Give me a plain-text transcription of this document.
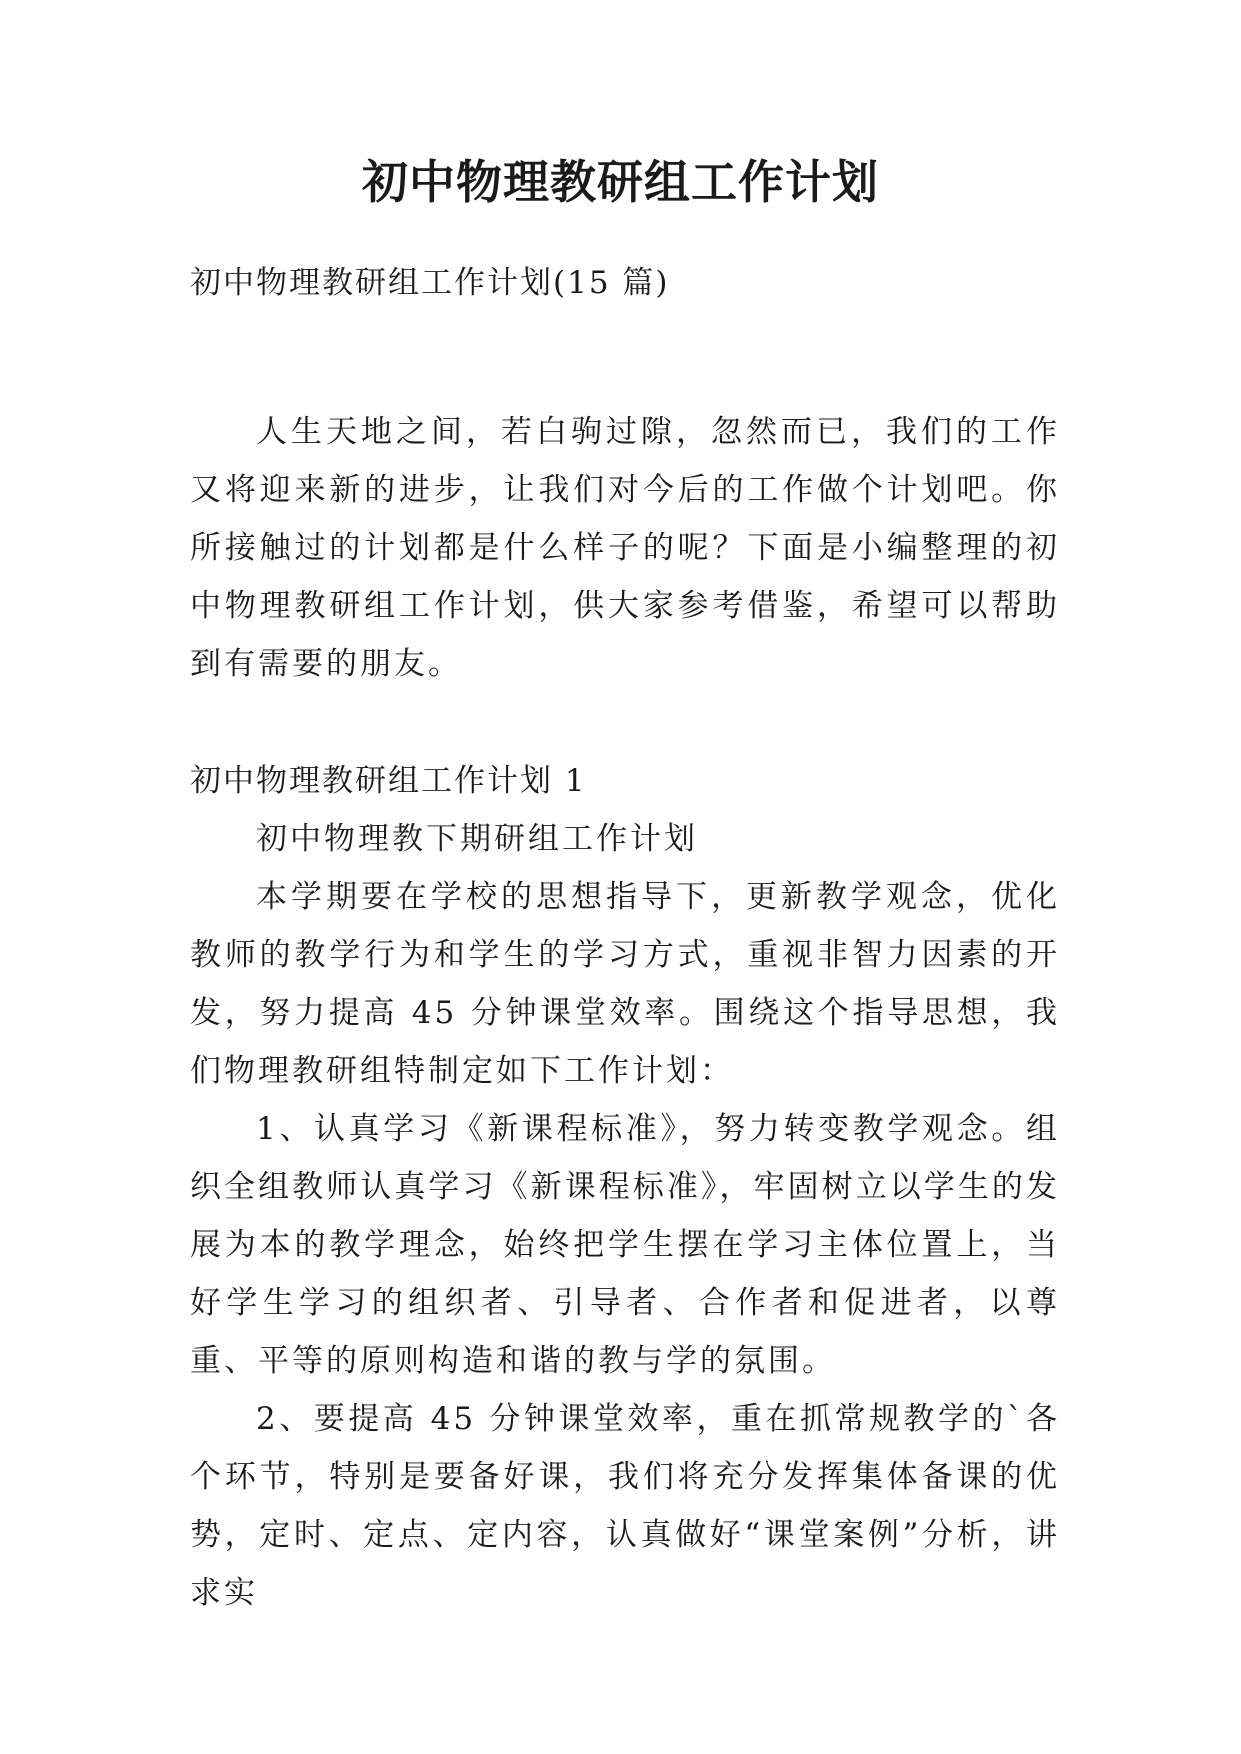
初中物理教研组工作计划

初中物理教研组工作计划(15 篇)

人生天地之间，若白驹过隙，忽然而已，我们的工作又将迎来新的进步，让我们对今后的工作做个计划吧。你所接触过的计划都是什么样子的呢？下面是小编整理的初中物理教研组工作计划，供大家参考借鉴，希望可以帮助到有需要的朋友。

初中物理教研组工作计划 1

初中物理教下期研组工作计划

本学期要在学校的思想指导下，更新教学观念，优化教师的教学行为和学生的学习方式，重视非智力因素的开发，努力提高 45 分钟课堂效率。围绕这个指导思想，我们物理教研组特制定如下工作计划：

1、认真学习《新课程标准》，努力转变教学观念。组织全组教师认真学习《新课程标准》，牢固树立以学生的发展为本的教学理念，始终把学生摆在学习主体位置上，当好学生学习的组织者、引导者、合作者和促进者，以尊重、平等的原则构造和谐的教与学的氛围。

2、要提高 45 分钟课堂效率，重在抓常规教学的`各个环节，特别是要备好课，我们将充分发挥集体备课的优势，定时、定点、定内容，认真做好“课堂案例”分析，讲求实
